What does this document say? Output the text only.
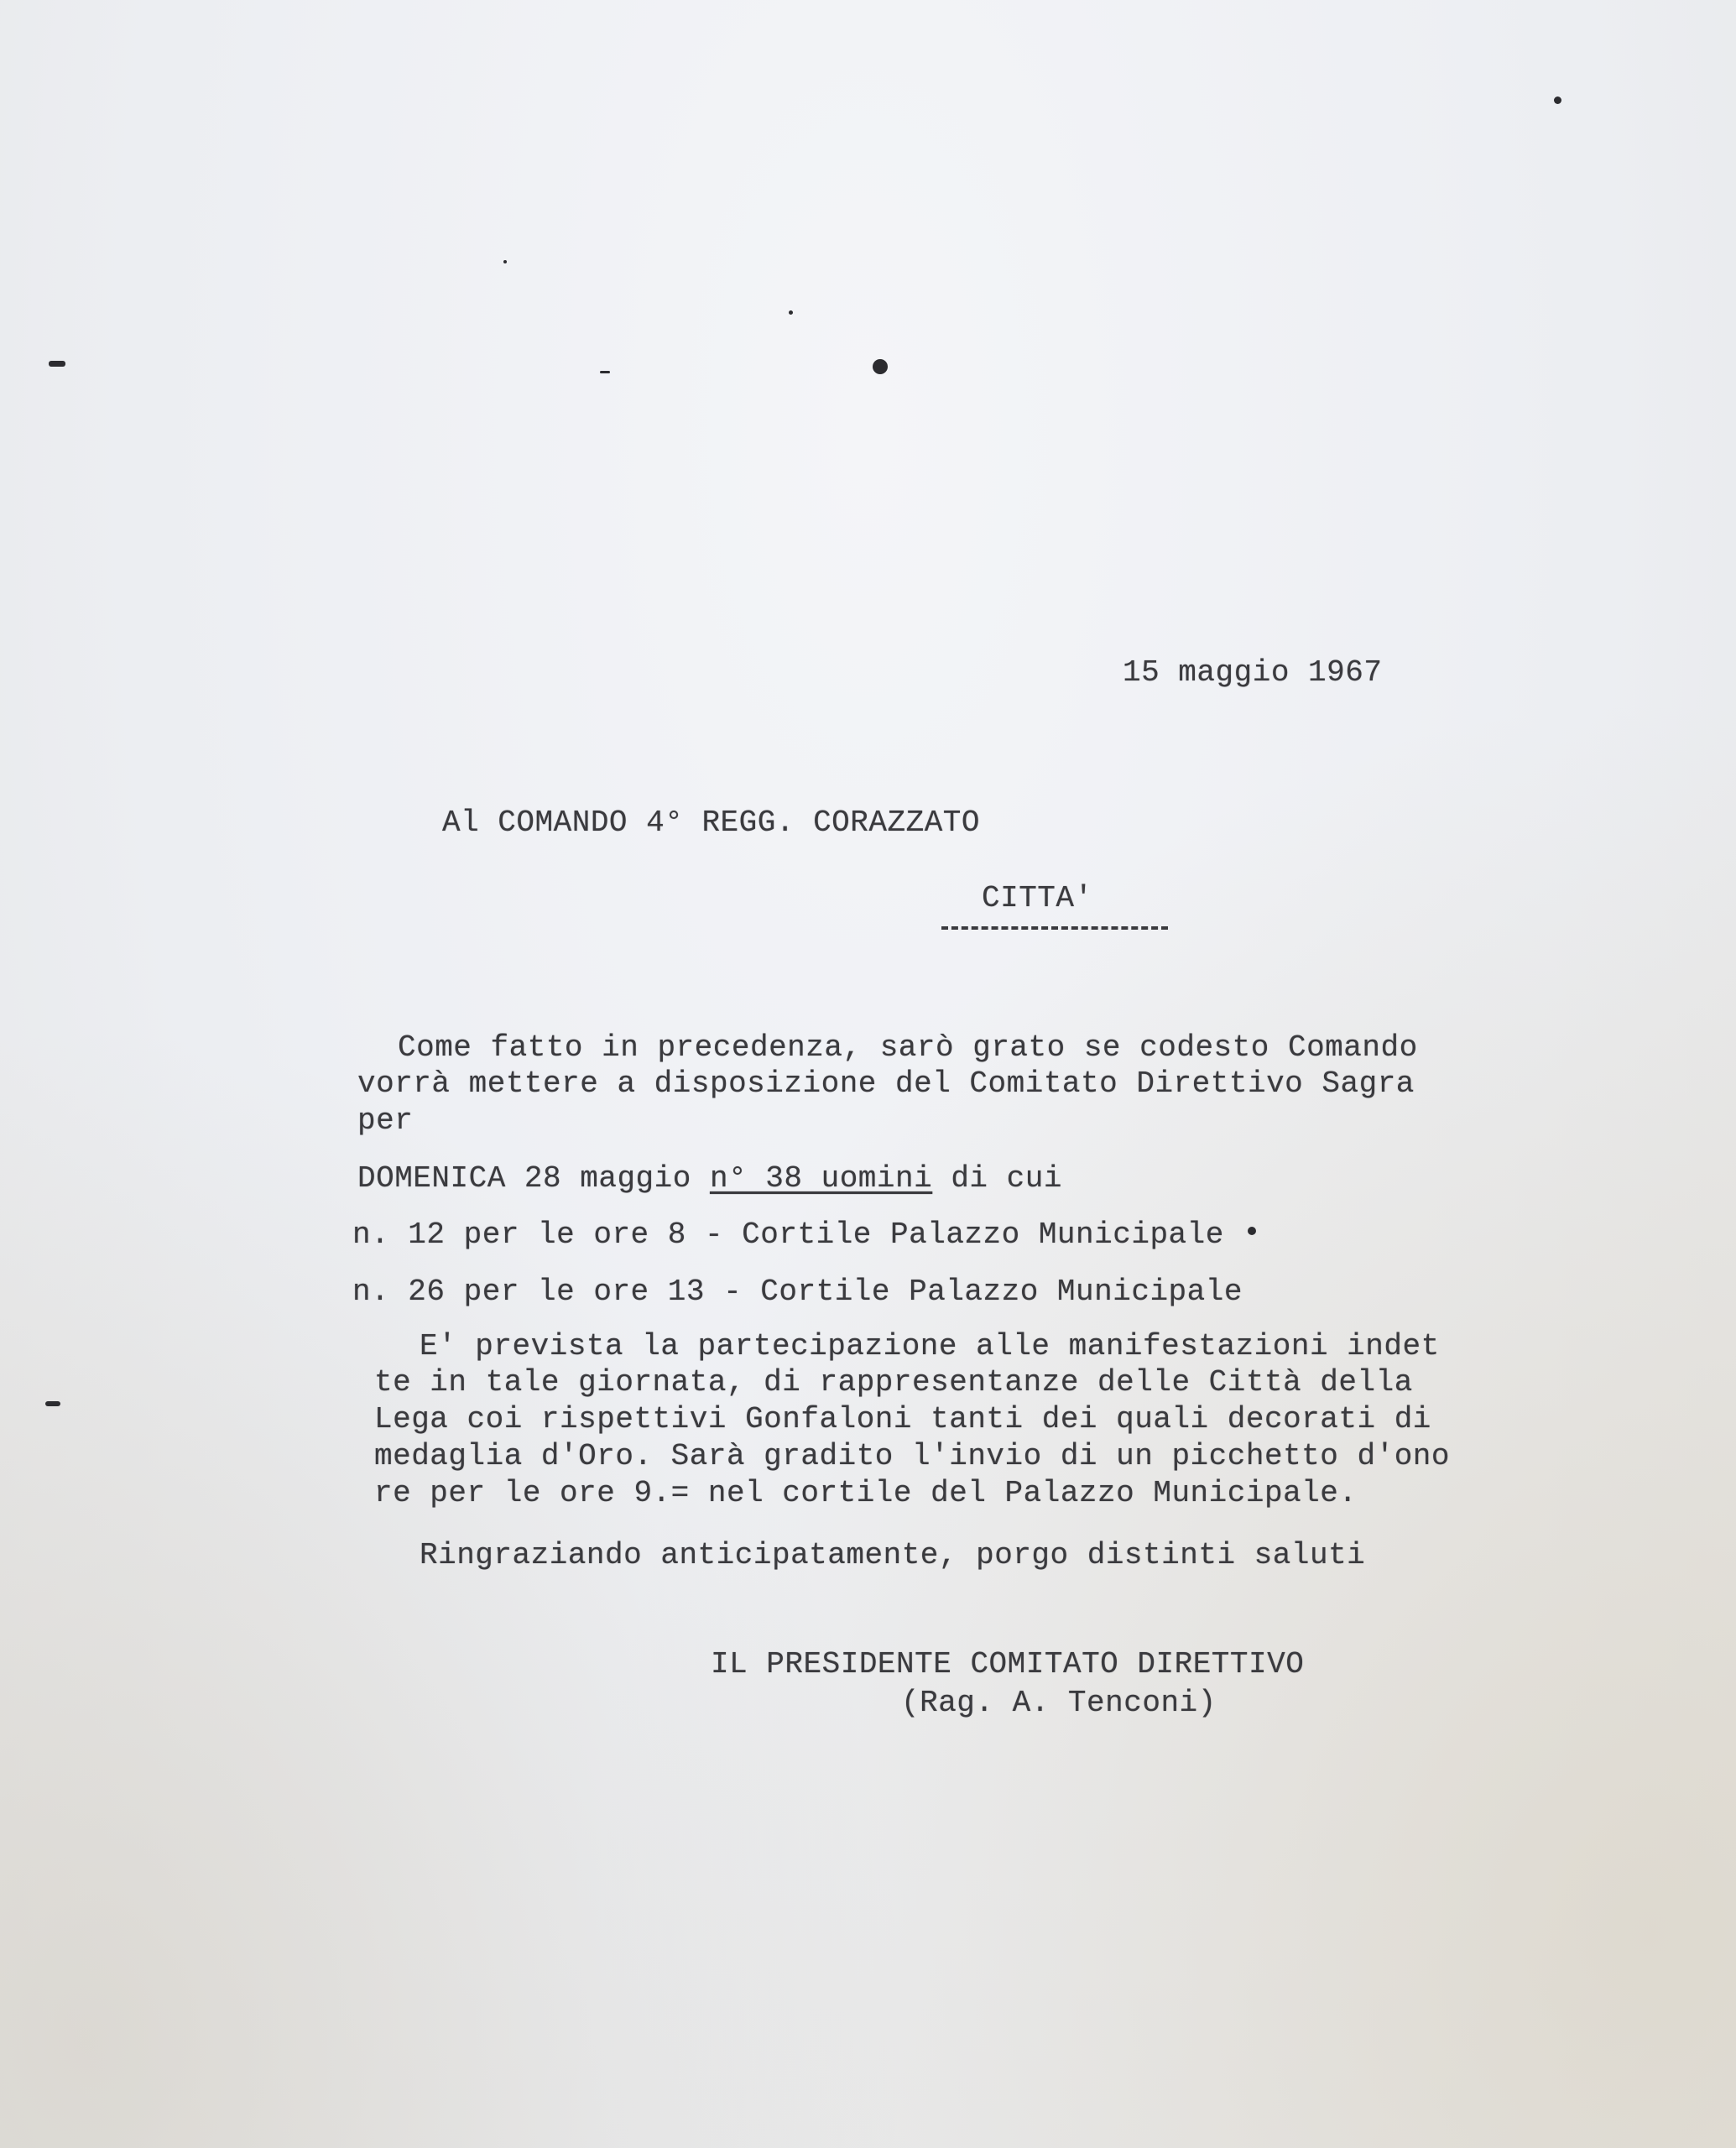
15 maggio 1967
Al COMANDO 4° REGG. CORAZZATO
CITTA'
Come fatto in precedenza, sarò grato se codesto Comando
vorrà mettere a disposizione del Comitato Direttivo Sagra
per
DOMENICA 28 maggio n° 38 uomini di cui
n. 12 per le ore 8 - Cortile Palazzo Municipale
n. 26 per le ore 13 - Cortile Palazzo Municipale
E' prevista la partecipazione alle manifestazioni indet
te in tale giornata, di rappresentanze delle Città della
Lega coi rispettivi Gonfaloni tanti dei quali decorati di
medaglia d'Oro. Sarà gradito l'invio di un picchetto d'ono
re per le ore 9.= nel cortile del Palazzo Municipale.
Ringraziando anticipatamente, porgo distinti saluti
IL PRESIDENTE COMITATO DIRETTIVO
(Rag. A. Tenconi)
